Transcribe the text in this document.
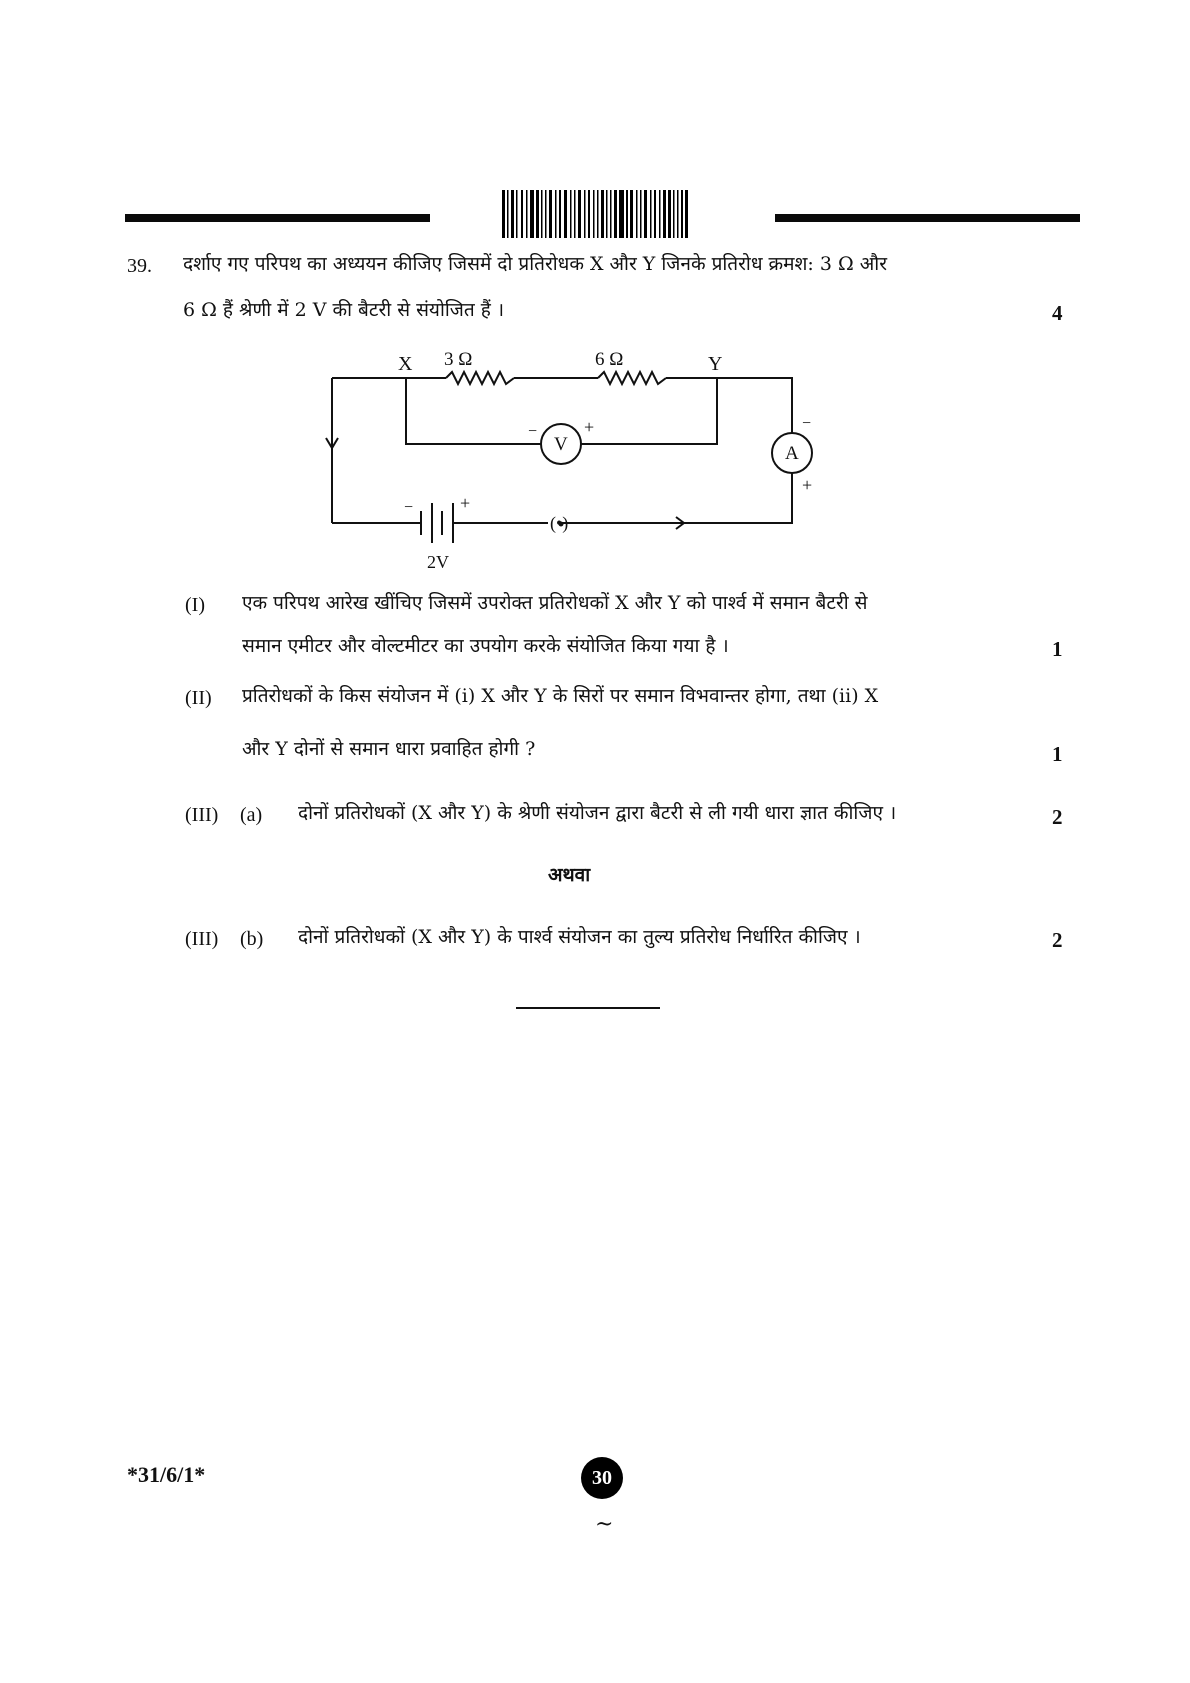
39. दर्शाए गए परिपथ का अध्ययन कीजिए जिसमें दो प्रतिरोधक X और Y जिनके प्रतिरोध क्रमश: 3 Ω और
6 Ω हैं श्रेणी में 2 V की बैटरी से संयोजित हैं ।	4
X 3 Ω	6 Ω	Y
V
−	+
A
−
+
−	+
(•)
2V
(I) एक परिपथ आरेख खींचिए जिसमें उपरोक्त प्रतिरोधकों X और Y को पार्श्व में समान बैटरी से
समान एमीटर और वोल्टमीटर का उपयोग करके संयोजित किया गया है ।	1
(II) प्रतिरोधकों के किस संयोजन में (i) X और Y के सिरों पर समान विभवान्तर होगा, तथा (ii) X
और Y दोनों से समान धारा प्रवाहित होगी ?	1
(III) (a) दोनों प्रतिरोधकों (X और Y) के श्रेणी संयोजन द्वारा बैटरी से ली गयी धारा ज्ञात कीजिए ।	2
अथवा
(III) (b) दोनों प्रतिरोधकों (X और Y) के पार्श्व संयोजन का तुल्य प्रतिरोध निर्धारित कीजिए ।	2
*31/6/1*	30
~
